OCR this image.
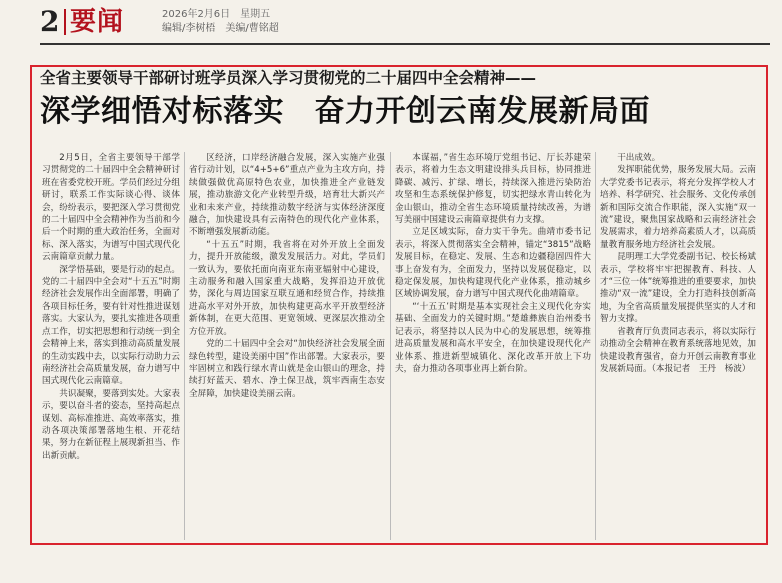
2 要闻	2026年2月6日　星期五
编辑/李树梧　美编/曹铭超
全省主要领导干部研讨班学员深入学习贯彻党的二十届四中全会精神——
深学细悟对标落实　奋力开创云南发展新局面

2月5日，全省主要领导干部学习贯彻党的二十届四中全会精神研讨班在省委党校开班。学员们经过分组研讨，联系工作实际谈心得、谈体会，纷纷表示，要把深入学习贯彻党的二十届四中全会精神作为当前和今后一个时期的重大政治任务，全面对标、深入落实，为谱写中国式现代化云南篇章贡献力量。

深学悟基础，要是行动的起点。党的二十届四中全会对“十五五”时期经济社会发展作出全面部署，明确了各项目标任务，要有针对性推进谋划落实。大家认为，要扎实推进各项重点工作，切实把思想和行动统一到全会精神上来，落实到推动高质量发展的生动实践中去，以实际行动助力云南经济社会高质量发展，奋力谱写中国式现代化云南篇章。

共识凝聚，要落到实处。大家表示，要以奋斗者的姿态，坚持高起点谋划、高标准推进、高效率落实，推动各项决策部署落地生根、开花结果，努力在新征程上展现新担当、作出新贡献。

区经济，口岸经济融合发展，深入实施产业强省行动计划，以“4+5+6”重点产业为主攻方向，持续做强做优高原特色农业，加快推进全产业链发展，推动旅游文化产业转型升级，培育壮大新兴产业和未来产业，持续推动数字经济与实体经济深度融合，加快建设具有云南特色的现代化产业体系，不断增强发展新动能。

“十五五”时期，我省将在对外开放上全面发力，提升开放能级，激发发展活力。对此，学员们一致认为，要依托面向南亚东南亚辐射中心建设，主动服务和融入国家重大战略，发挥沿边开放优势，深化与周边国家互联互通和经贸合作，持续推进高水平对外开放，加快构建更高水平开放型经济新体制，在更大范围、更宽领域、更深层次推动全方位开放。

党的二十届四中全会对“加快经济社会发展全面绿色转型，建设美丽中国”作出部署。大家表示，要牢固树立和践行绿水青山就是金山银山的理念，持续打好蓝天、碧水、净土保卫战，筑牢西南生态安全屏障，加快建设美丽云南。

本谋福，”省生态环境厅党组书记、厅长苏建荣表示，将着力生态文明建设排头兵目标，协同推进降碳、减污、扩绿、增长，持续深入推进污染防治攻坚和生态系统保护修复，切实把绿水青山转化为金山银山，推动全省生态环境质量持续改善，为谱写美丽中国建设云南篇章提供有力支撑。

立足区域实际，奋力实干争先。曲靖市委书记表示，将深入贯彻落实全会精神，锚定“3815”战略发展目标，在稳定、发展、生态和边疆稳固四件大事上奋发有为，全面发力，坚持以发展促稳定，以稳定保发展，加快构建现代化产业体系，推动城乡区域协调发展，奋力谱写中国式现代化曲靖篇章。

“‘十五五’时期是基本实现社会主义现代化夯实基础、全面发力的关键时期。”楚雄彝族自治州委书记表示，将坚持以人民为中心的发展思想，统筹推进高质量发展和高水平安全，在加快建设现代化产业体系、推进新型城镇化、深化改革开放上下功夫，奋力推动各项事业再上新台阶。

干出成效。

发挥职能优势，服务发展大局。云南大学党委书记表示，将充分发挥学校人才培养、科学研究、社会服务、文化传承创新和国际交流合作职能，深入实施“双一流”建设，聚焦国家战略和云南经济社会发展需求，着力培养高素质人才，以高质量教育服务地方经济社会发展。

昆明理工大学党委副书记、校长杨斌表示，学校将牢牢把握教育、科技、人才“三位一体”统筹推进的重要要求，加快推动“双一流”建设，全力打造科技创新高地，为全省高质量发展提供坚实的人才和智力支撑。

省教育厅负责同志表示，将以实际行动推动全会精神在教育系统落地见效，加快建设教育强省，奋力开创云南教育事业发展新局面。（本报记者　王丹　杨波）
